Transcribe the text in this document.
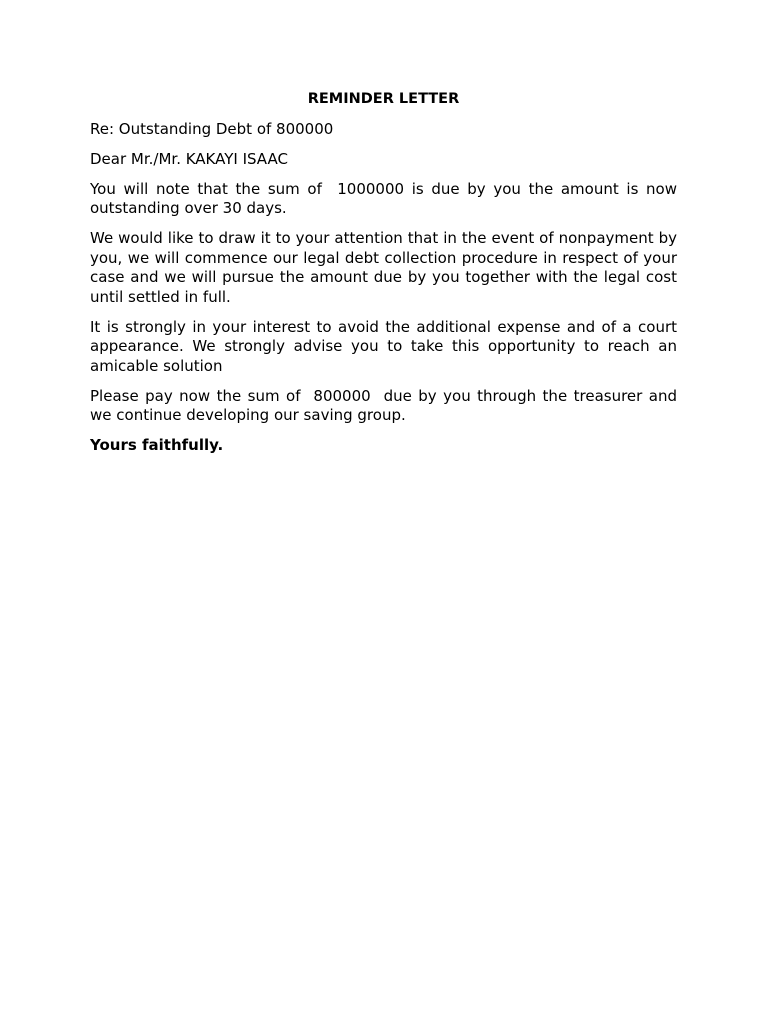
REMINDER LETTER
Re: Outstanding Debt of 800000
Dear Mr./Mr. KAKAYI ISAAC
You will note that the sum of  1000000 is due by you the amount is now outstanding over 30 days.
We would like to draw it to your attention that in the event of nonpayment by you, we will commence our legal debt collection procedure in respect of your case and we will pursue the amount due by you together with the legal cost until settled in full.
It is strongly in your interest to avoid the additional expense and of a court appearance. We strongly advise you to take this opportunity to reach an amicable solution
Please pay now the sum of  800000  due by you through the treasurer and we continue developing our saving group.
Yours faithfully.
